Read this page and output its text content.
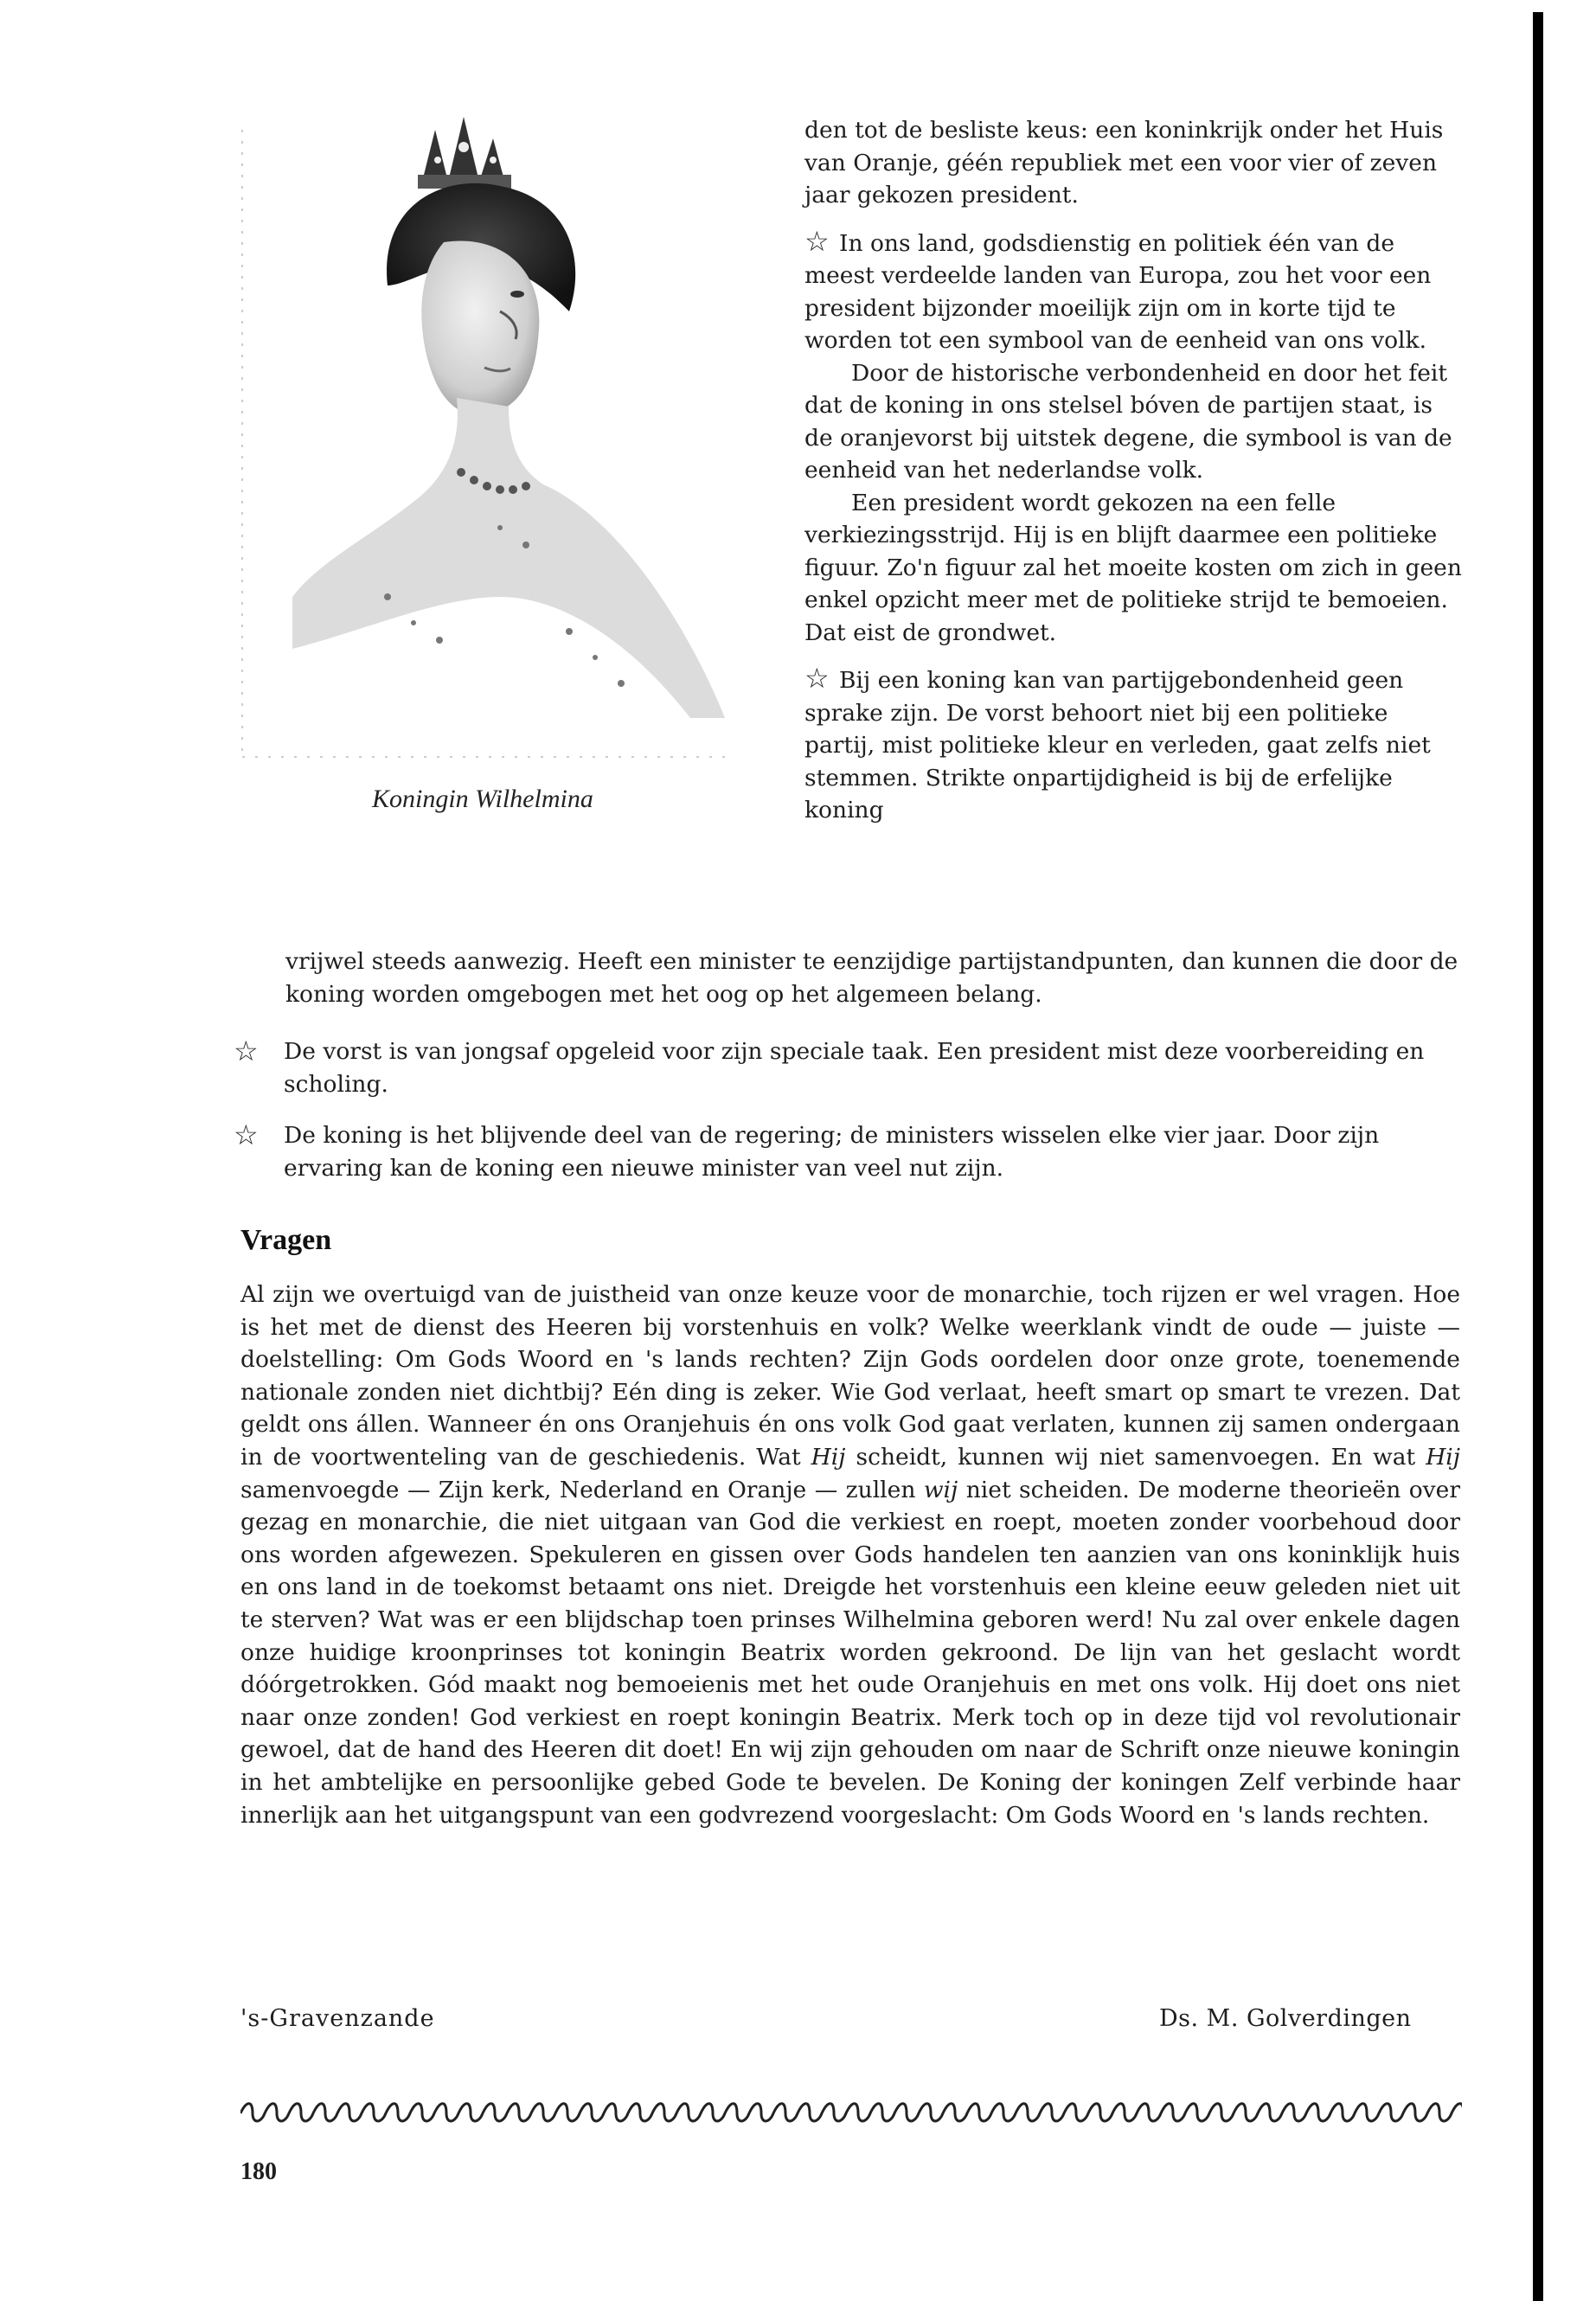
Koningin Wilhelmina

den tot de besliste keus: een koninkrijk onder het Huis van Oranje, géén republiek met een voor vier of zeven jaar gekozen president.

☆ In ons land, godsdienstig en politiek één van de meest verdeelde landen van Europa, zou het voor een president bijzonder moeilijk zijn om in korte tijd te worden tot een symbool van de eenheid van ons volk.

Door de historische verbondenheid en door het feit dat de koning in ons stelsel bóven de partijen staat, is de oranjevorst bij uitstek degene, die symbool is van de eenheid van het nederlandse volk.

Een president wordt gekozen na een felle verkiezingsstrijd. Hij is en blijft daarmee een politieke figuur. Zo'n figuur zal het moeite kosten om zich in geen enkel opzicht meer met de politieke strijd te bemoeien. Dat eist de grondwet.

☆ Bij een koning kan van partijgebondenheid geen sprake zijn. De vorst behoort niet bij een politieke partij, mist politieke kleur en verleden, gaat zelfs niet stemmen. Strikte onpartijdigheid is bij de erfelijke koning

vrijwel steeds aanwezig. Heeft een minister te eenzijdige partijstandpunten, dan kunnen die door de koning worden omgebogen met het oog op het algemeen belang.

☆	De vorst is van jongsaf opgeleid voor zijn speciale taak. Een president mist deze voorbereiding en scholing.

☆	De koning is het blijvende deel van de regering; de ministers wisselen elke vier jaar. Door zijn ervaring kan de koning een nieuwe minister van veel nut zijn.

Vragen

Al zijn we overtuigd van de juistheid van onze keuze voor de monarchie, toch rijzen er wel vragen. Hoe is het met de dienst des Heeren bij vorstenhuis en volk? Welke weerklank vindt de oude — juiste — doelstelling: Om Gods Woord en 's lands rechten? Zijn Gods oordelen door onze grote, toenemende nationale zonden niet dichtbij? Eén ding is zeker. Wie God verlaat, heeft smart op smart te vrezen. Dat geldt ons állen. Wanneer én ons Oranjehuis én ons volk God gaat verlaten, kunnen zij samen ondergaan in de voortwenteling van de geschiedenis. Wat Hij scheidt, kunnen wij niet samenvoegen. En wat Hij samenvoegde — Zijn kerk, Nederland en Oranje — zullen wij niet scheiden. De moderne theorieën over gezag en monarchie, die niet uitgaan van God die verkiest en roept, moeten zonder voorbehoud door ons worden afgewezen. Spekuleren en gissen over Gods handelen ten aanzien van ons koninklijk huis en ons land in de toekomst betaamt ons niet. Dreigde het vorstenhuis een kleine eeuw geleden niet uit te sterven? Wat was er een blijdschap toen prinses Wilhelmina geboren werd! Nu zal over enkele dagen onze huidige kroonprinses tot koningin Beatrix worden gekroond. De lijn van het geslacht wordt dóórgetrokken. Gód maakt nog bemoeienis met het oude Oranjehuis en met ons volk. Hij doet ons niet naar onze zonden! God verkiest en roept koningin Beatrix. Merk toch op in deze tijd vol revolutionair gewoel, dat de hand des Heeren dit doet! En wij zijn gehouden om naar de Schrift onze nieuwe koningin in het ambtelijke en persoonlijke gebed Gode te bevelen. De Koning der koningen Zelf verbinde haar innerlijk aan het uitgangspunt van een godvrezend voorgeslacht: Om Gods Woord en 's lands rechten.

's-Gravenzande	Ds. M. Golverdingen
180
